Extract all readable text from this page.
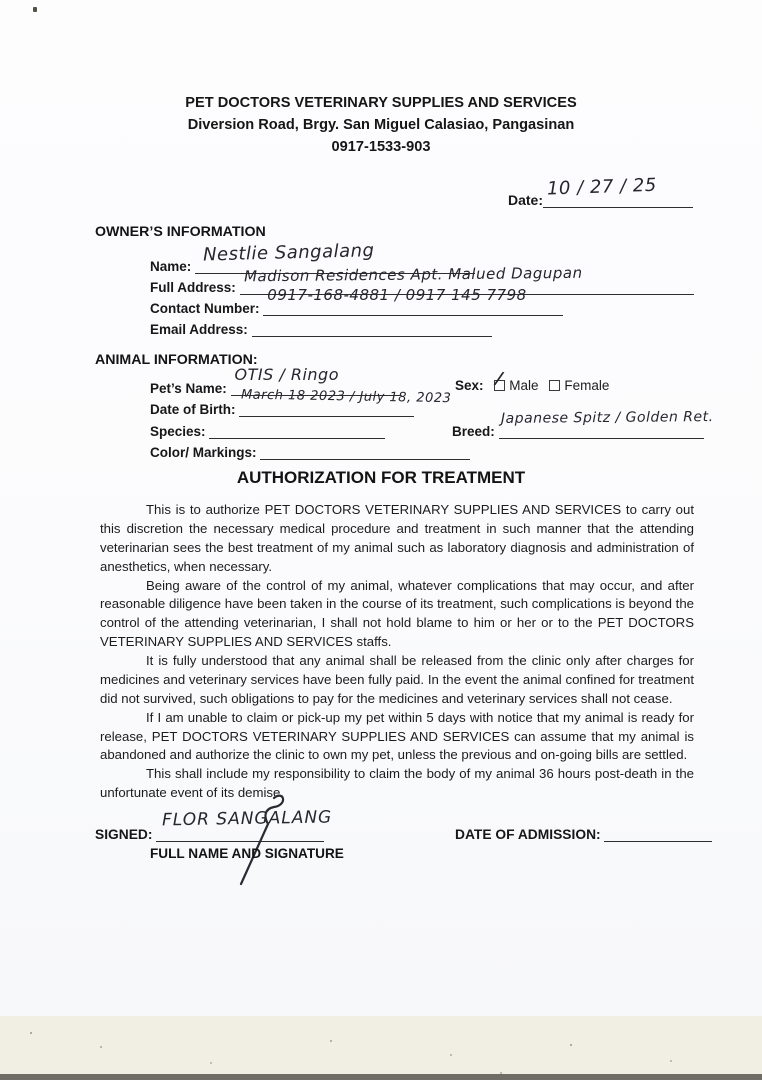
PET DOCTORS VETERINARY SUPPLIES AND SERVICES
Diversion Road, Brgy. San Miguel Calasiao, Pangasinan
0917-1533-903
Date:
10 / 27 / 25
OWNER’S INFORMATION
Name:
Nestlie Sangalang
Full Address:
Madison Residences Apt. Malued Dagupan
Contact Number:
0917-168-4881 / 0917 145 7798
Email Address:
ANIMAL INFORMATION:
Pet’s Name:
OTIS / Ringo
Sex: / Male Female
Date of Birth:
March 18 2023 / July 18, 2023
Species:	Breed:
Japanese Spitz / Golden Ret.
Color/ Markings:
AUTHORIZATION FOR TREATMENT

This is to authorize PET DOCTORS VETERINARY SUPPLIES AND SERVICES to carry out this discretion the necessary medical procedure and treatment in such manner that the attending veterinarian sees the best treatment of my animal such as laboratory diagnosis and administration of anesthetics, when necessary.

Being aware of the control of my animal, whatever complications that may occur, and after reasonable diligence have been taken in the course of its treatment, such complications is beyond the control of the attending veterinarian, I shall not hold blame to him or her or to the PET DOCTORS VETERINARY SUPPLIES AND SERVICES staffs.

It is fully understood that any animal shall be released from the clinic only after charges for medicines and veterinary services have been fully paid. In the event the animal confined for treatment did not survived, such obligations to pay for the medicines and veterinary services shall not cease.

If I am unable to claim or pick-up my pet within 5 days with notice that my animal is ready for release, PET DOCTORS VETERINARY SUPPLIES AND SERVICES can assume that my animal is abandoned and authorize the clinic to own my pet, unless the previous and on-going bills are settled.

This shall include my responsibility to claim the body of my animal 36 hours post-death in the unfortunate event of its demise.

SIGNED:
FLOR SANGALANG
FULL NAME AND SIGNATURE
DATE OF ADMISSION:
